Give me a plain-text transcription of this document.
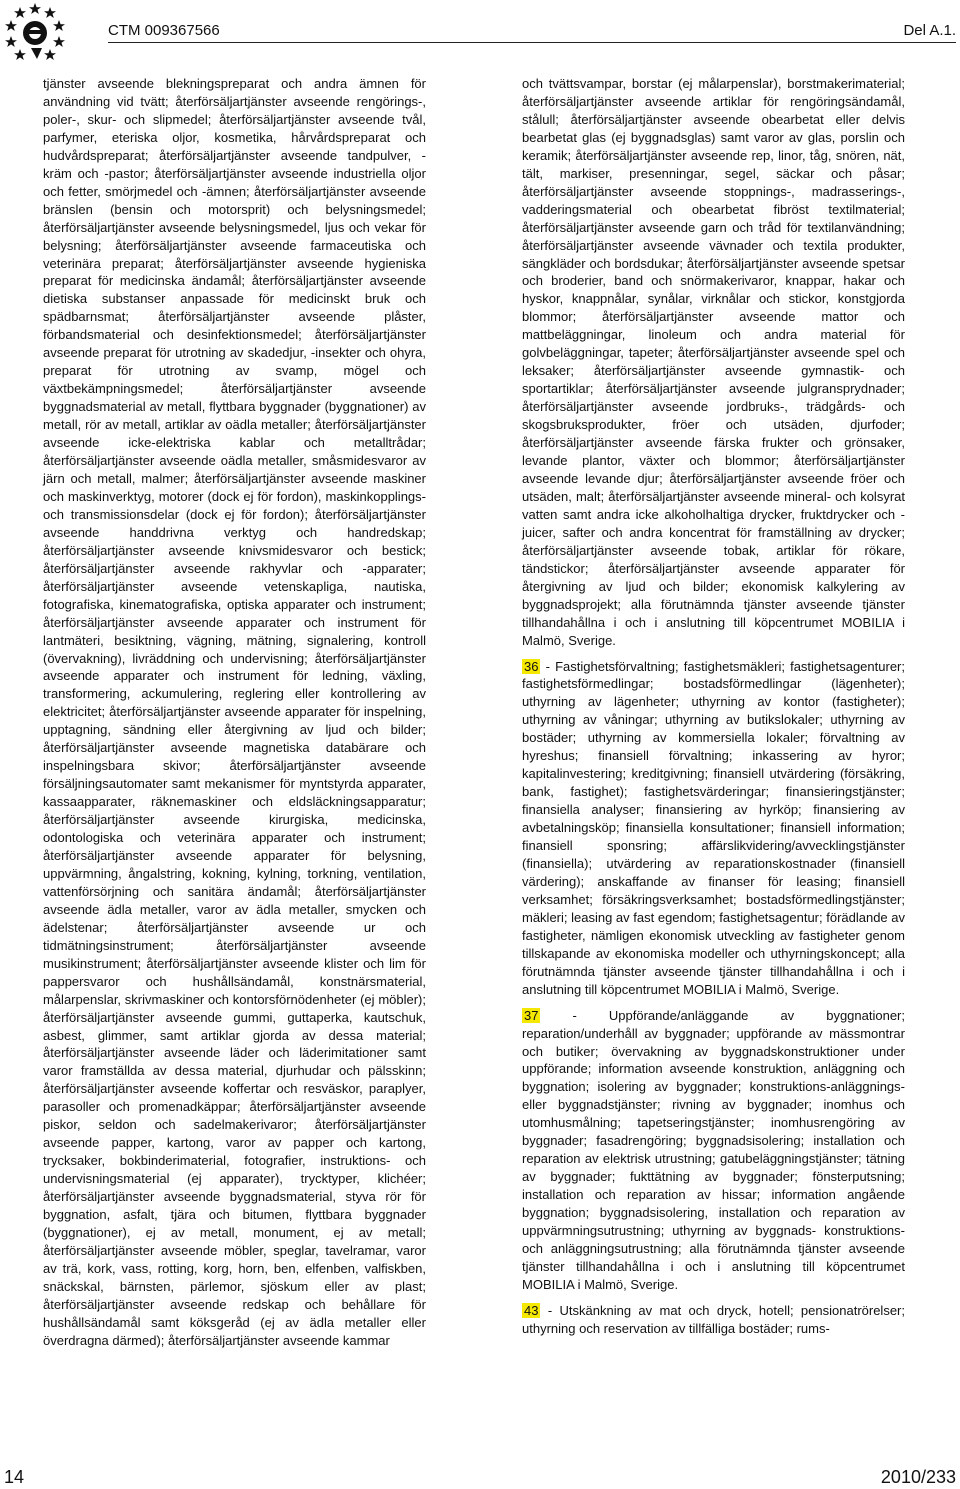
CTM 009367566	Del A.1.

tjänster avseende blekningspreparat och andra ämnen för användning vid tvätt; återförsäljartjänster avseende rengörings-, poler-, skur- och slipmedel; återförsäljartjänster avseende tvål, parfymer, eteriska oljor, kosmetika, hårvårdspreparat och hudvårdspreparat; återförsäljartjänster avseende tandpulver, -kräm och -pastor; återförsäljartjänster avseende industriella oljor och fetter, smörjmedel och -ämnen; återförsäljartjänster avseende bränslen (bensin och motorsprit) och belysningsmedel; återförsäljartjänster avseende belysningsmedel, ljus och vekar för belysning; återförsäljartjänster avseende farmaceutiska och veterinära preparat; återförsäljartjänster avseende hygieniska preparat för medicinska ändamål; återförsäljartjänster avseende dietiska substanser anpassade för medicinskt bruk och spädbarnsmat; återförsäljartjänster avseende plåster, förbandsmaterial och desinfektionsmedel; återförsäljartjänster avseende preparat för utrotning av skadedjur, -insekter och ohyra, preparat för utrotning av svamp, mögel och växtbekämpningsmedel; återförsäljartjänster avseende byggnadsmaterial av metall, flyttbara byggnader (byggnationer) av metall, rör av metall, artiklar av oädla metaller; återförsäljartjänster avseende icke-elektriska kablar och metalltrådar; återförsäljartjänster avseende oädla metaller, småsmidesvaror av järn och metall, malmer; återförsäljartjänster avseende maskiner och maskinverktyg, motorer (dock ej för fordon), maskinkopplings- och transmissionsdelar (dock ej för fordon); återförsäljartjänster avseende handdrivna verktyg och handredskap; återförsäljartjänster avseende knivsmidesvaror och bestick; återförsäljartjänster avseende rakhyvlar och -apparater; återförsäljartjänster avseende vetenskapliga, nautiska, fotografiska, kinematografiska, optiska apparater och instrument; återförsäljartjänster avseende apparater och instrument för lantmäteri, besiktning, vägning, mätning, signalering, kontroll (övervakning), livräddning och undervisning; återförsäljartjänster avseende apparater och instrument för ledning, växling, transformering, ackumulering, reglering eller kontrollering av elektricitet; återförsäljartjänster avseende apparater för inspelning, upptagning, sändning eller återgivning av ljud och bilder; återförsäljartjänster avseende magnetiska databärare och inspelningsbara skivor; återförsäljartjänster avseende försäljningsautomater samt mekanismer för myntstyrda apparater, kassaapparater, räknemaskiner och eldsläckningsapparatur; återförsäljartjänster avseende kirurgiska, medicinska, odontologiska och veterinära apparater och instrument; återförsäljartjänster avseende apparater för belysning, uppvärmning, ångalstring, kokning, kylning, torkning, ventilation, vattenförsörjning och sanitära ändamål; återförsäljartjänster avseende ädla metaller, varor av ädla metaller, smycken och ädelstenar; återförsäljartjänster avseende ur och tidmätningsinstrument; återförsäljartjänster avseende musikinstrument; återförsäljartjänster avseende klister och lim för pappersvaror och hushållsändamål, konstnärsmaterial, målarpenslar, skrivmaskiner och kontorsförnödenheter (ej möbler); återförsäljartjänster avseende gummi, guttaperka, kautschuk, asbest, glimmer, samt artiklar gjorda av dessa material; återförsäljartjänster avseende läder och läderimitationer samt varor framställda av dessa material, djurhudar och pälsskinn; återförsäljartjänster avseende koffertar och resväskor, paraplyer, parasoller och promenadkäppar; återförsäljartjänster avseende piskor, seldon och sadelmakerivaror; återförsäljartjänster avseende papper, kartong, varor av papper och kartong, trycksaker, bokbinderimaterial, fotografier, instruktions- och undervisningsmaterial (ej apparater), trycktyper, klichéer; återförsäljartjänster avseende byggnadsmaterial, styva rör för byggnation, asfalt, tjära och bitumen, flyttbara byggnader (byggnationer), ej av metall, monument, ej av metall; återförsäljartjänster avseende möbler, speglar, tavelramar, varor av trä, kork, vass, rotting, korg, horn, ben, elfenben, valfiskben, snäckskal, bärnsten, pärlemor, sjöskum eller av plast; återförsäljartjänster avseende redskap och behållare för hushållsändamål samt köksgeråd (ej av ädla metaller eller överdragna därmed); återförsäljartjänster avseende kammar

och tvättsvampar, borstar (ej målarpenslar), borstmakerimaterial; återförsäljartjänster avseende artiklar för rengöringsändamål, stålull; återförsäljartjänster avseende obearbetat eller delvis bearbetat glas (ej byggnadsglas) samt varor av glas, porslin och keramik; återförsäljartjänster avseende rep, linor, tåg, snören, nät, tält, markiser, presenningar, segel, säckar och påsar; återförsäljartjänster avseende stoppnings-, madrasserings-, vadderingsmaterial och obearbetat fibröst textilmaterial; återförsäljartjänster avseende garn och tråd för textilanvändning; återförsäljartjänster avseende vävnader och textila produkter, sängkläder och bordsdukar; återförsäljartjänster avseende spetsar och broderier, band och snörmakerivaror, knappar, hakar och hyskor, knappnålar, synålar, virknålar och stickor, konstgjorda blommor; återförsäljartjänster avseende mattor och mattbeläggningar, linoleum och andra material för golvbeläggningar, tapeter; återförsäljartjänster avseende spel och leksaker; återförsäljartjänster avseende gymnastik- och sportartiklar; återförsäljartjänster avseende julgransprydnader; återförsäljartjänster avseende jordbruks-, trädgårds- och skogsbruksprodukter, fröer och utsäden, djurfoder; återförsäljartjänster avseende färska frukter och grönsaker, levande plantor, växter och blommor; återförsäljartjänster avseende levande djur; återförsäljartjänster avseende fröer och utsäden, malt; återförsäljartjänster avseende mineral- och kolsyrat vatten samt andra icke alkoholhaltiga drycker, fruktdrycker och -juicer, safter och andra koncentrat för framställning av drycker; återförsäljartjänster avseende tobak, artiklar för rökare, tändstickor; återförsäljartjänster avseende apparater för återgivning av ljud och bilder; ekonomisk kalkylering av byggnadsprojekt; alla förutnämnda tjänster avseende tjänster tillhandahållna i och i anslutning till köpcentrumet MOBILIA i Malmö, Sverige.

36 - Fastighetsförvaltning; fastighetsmäkleri; fastighetsagenturer; fastighetsförmedlingar; bostadsförmedlingar (lägenheter); uthyrning av lägenheter; uthyrning av kontor (fastigheter); uthyrning av våningar; uthyrning av butikslokaler; uthyrning av bostäder; uthyrning av kommersiella lokaler; förvaltning av hyreshus; finansiell förvaltning; inkassering av hyror; kapitalinvestering; kreditgivning; finansiell utvärdering (försäkring, bank, fastighet); fastighetsvärderingar; finansieringstjänster; finansiella analyser; finansiering av hyrköp; finansiering av avbetalningsköp; finansiella konsultationer; finansiell information; finansiell sponsring; affärslikvidering/avvecklingstjänster (finansiella); utvärdering av reparationskostnader (finansiell värdering); anskaffande av finanser för leasing; finansiell verksamhet; försäkringsverksamhet; bostadsförmedlingstjänster; mäkleri; leasing av fast egendom; fastighetsagentur; förädlande av fastigheter, nämligen ekonomisk utveckling av fastigheter genom tillskapande av ekonomiska modeller och uthyrningskoncept; alla förutnämnda tjänster avseende tjänster tillhandahållna i och i anslutning till köpcentrumet MOBILIA i Malmö, Sverige.

37 - Uppförande/anläggande av byggnationer; reparation/underhåll av byggnader; uppförande av mässmontrar och butiker; övervakning av byggnadskonstruktioner under uppförande; information avseende konstruktion, anläggning och byggnation; isolering av byggnader; konstruktions-anläggnings- eller byggnadstjänster; rivning av byggnader; inomhus och utomhusmålning; tapetseringstjänster; inomhusrengöring av byggnader; fasadrengöring; byggnadsisolering; installation och reparation av elektrisk utrustning; gatubeläggningstjänster; tätning av byggnader; fukttätning av byggnader; fönsterputsning; installation och reparation av hissar; information angående byggnation; byggnadsisolering, installation och reparation av uppvärmningsutrustning; uthyrning av byggnads- konstruktions- och anläggningsutrustning; alla förutnämnda tjänster avseende tjänster tillhandahållna i och i anslutning till köpcentrumet MOBILIA i Malmö, Sverige.

43 - Utskänkning av mat och dryck, hotell; pensionatrörelser; uthyrning och reservation av tillfälliga bostäder; rums-

14	2010/233
